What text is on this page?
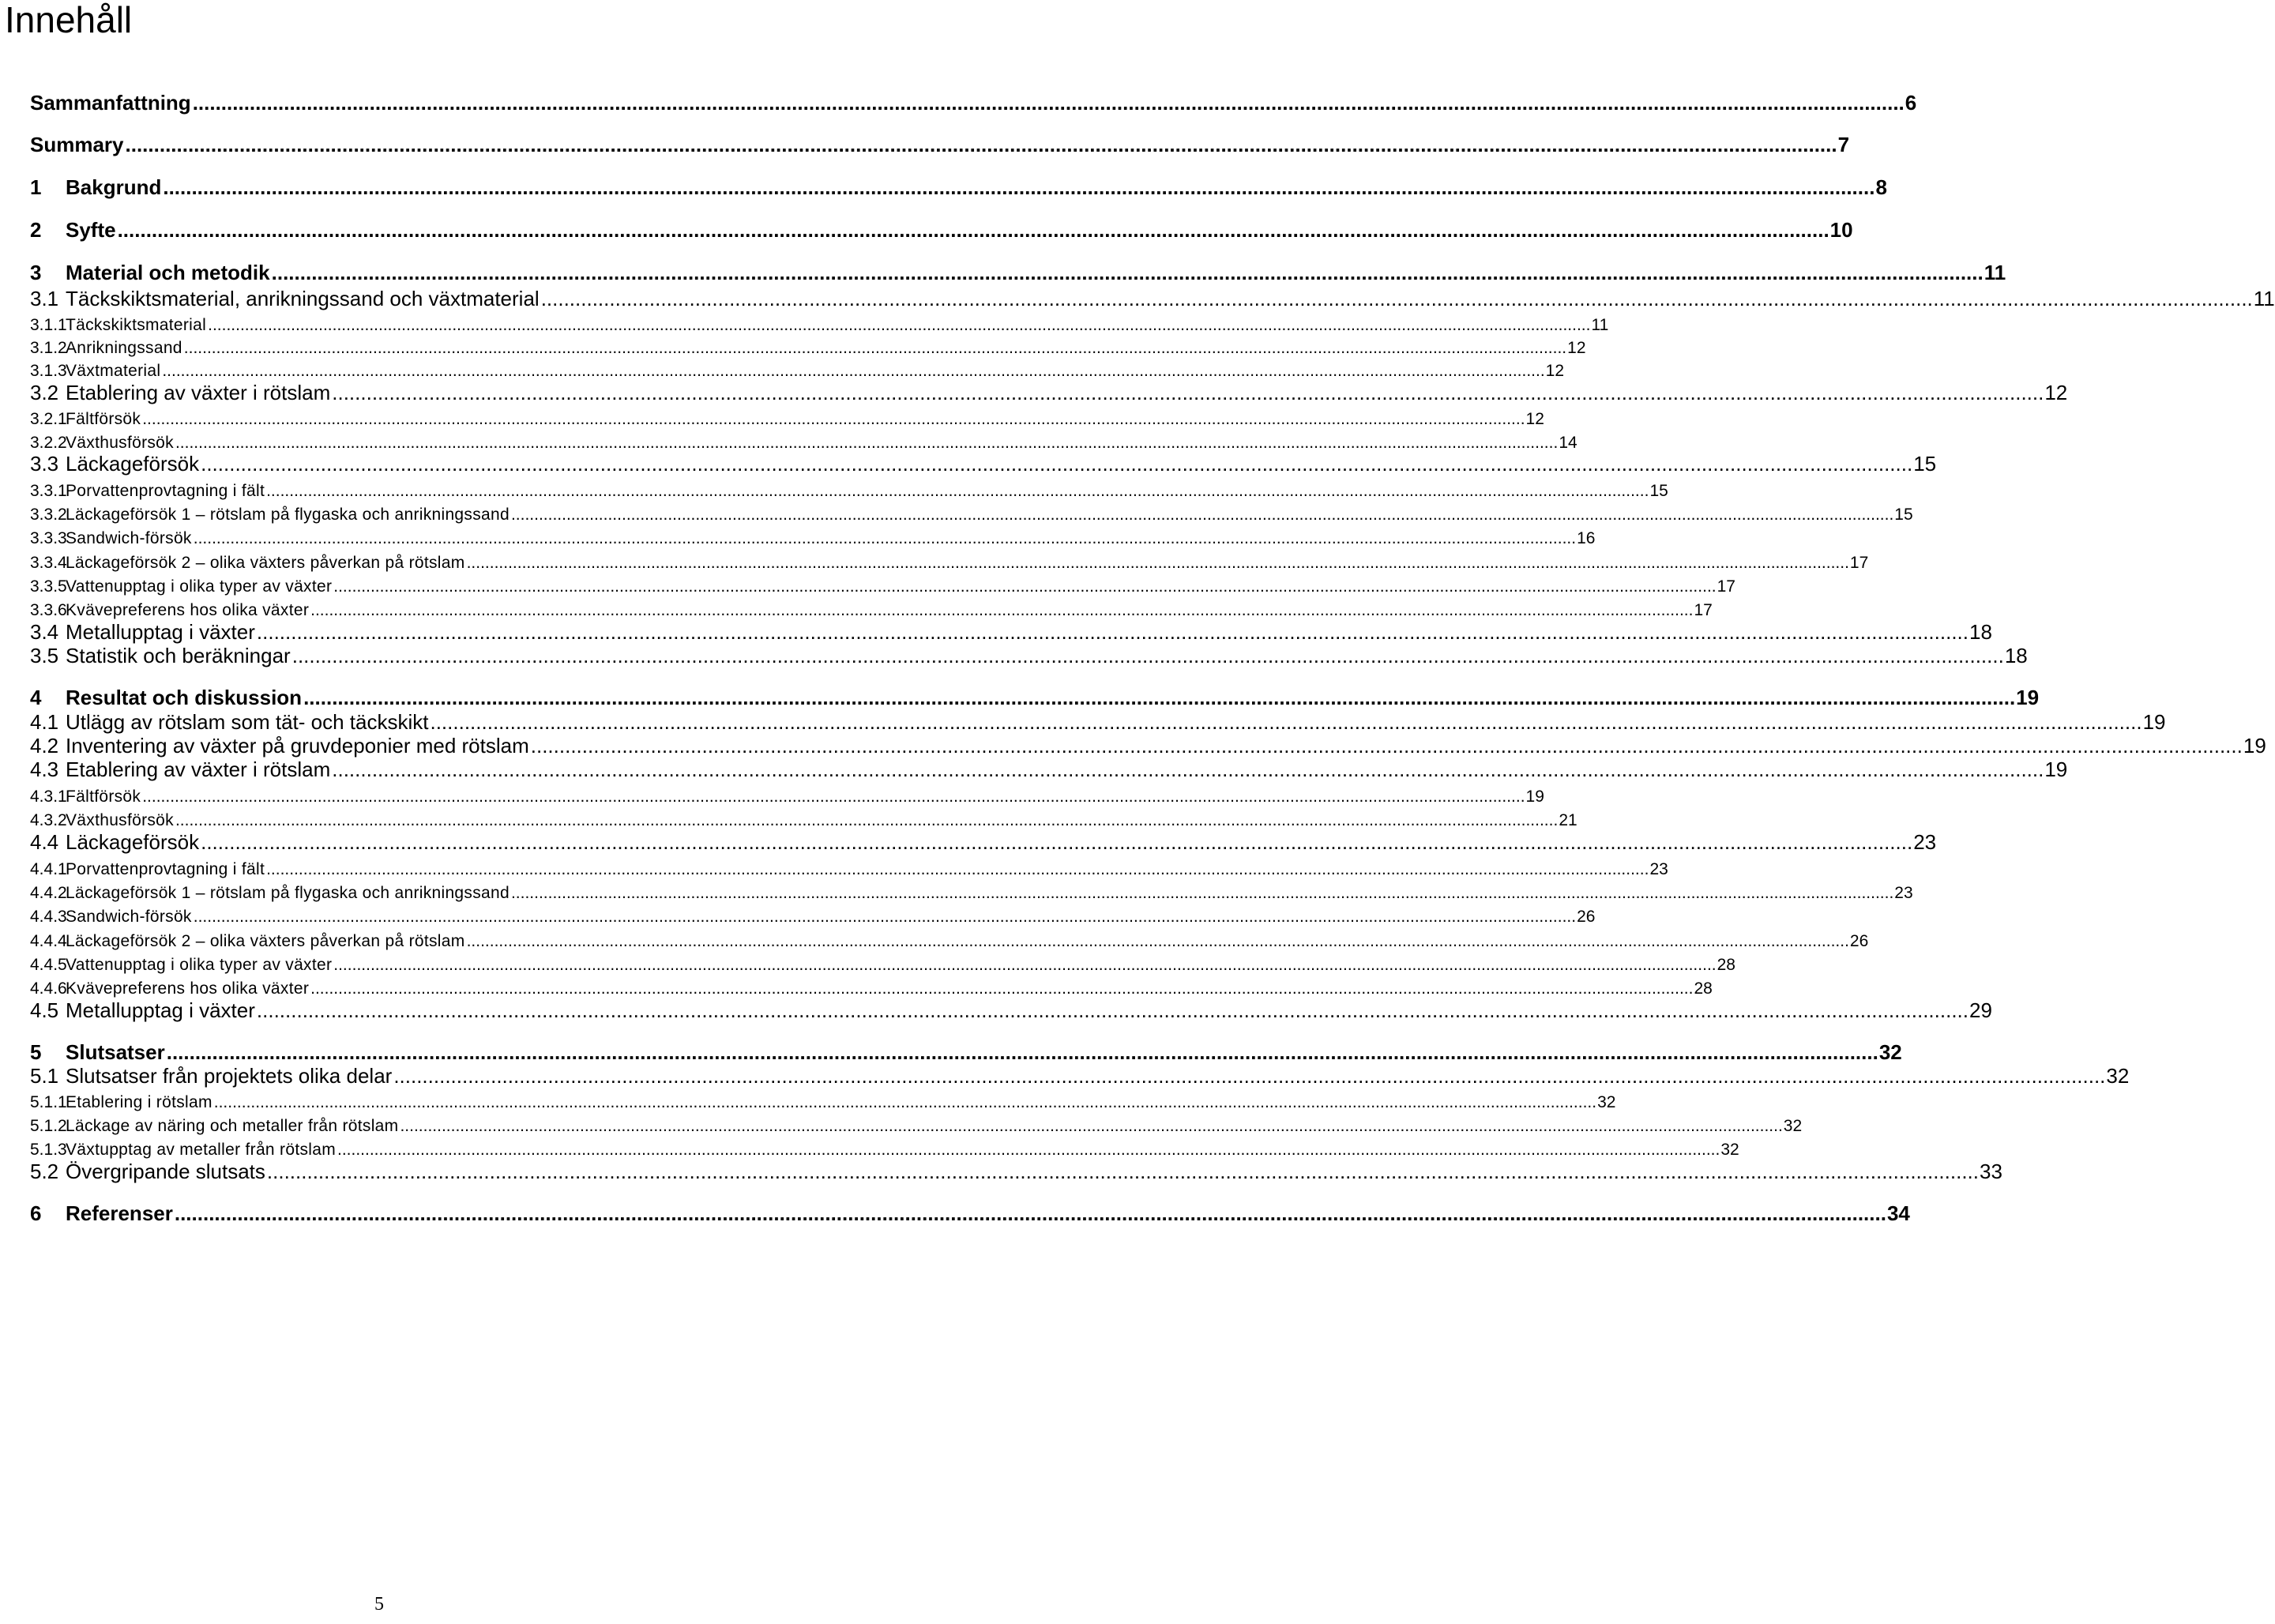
Innehåll
Sammanfattning ............................................................................................................................................................................................................................................................................................................ 6
Summary ............................................................................................................................................................................................................................................................................................................ 7
1 Bakgrund ............................................................................................................................................................................................................................................................................................................ 8
2 Syfte ............................................................................................................................................................................................................................................................................................................ 10
3 Material och metodik ............................................................................................................................................................................................................................................................................................................ 11
3.1 Täckskiktsmaterial, anrikningssand och växtmaterial ............................................................................................................................................................................................................................................................................................................ 11
3.1.1
Täckskiktsmaterial ............................................................................................................................................................................................................................................................................................................ 11
3.1.2
Anrikningssand ............................................................................................................................................................................................................................................................................................................ 12
3.1.3
Växtmaterial ............................................................................................................................................................................................................................................................................................................ 12
3.2 Etablering av växter i rötslam ............................................................................................................................................................................................................................................................................................................ 12
3.2.1
Fältförsök ............................................................................................................................................................................................................................................................................................................ 12
3.2.2
Växthusförsök ............................................................................................................................................................................................................................................................................................................ 14
3.3 Läckageförsök ............................................................................................................................................................................................................................................................................................................ 15
3.3.1
Porvattenprovtagning i fält ............................................................................................................................................................................................................................................................................................................ 15
3.3.2
Läckageförsök 1 – rötslam på flygaska och anrikningssand ............................................................................................................................................................................................................................................................................................................ 15
3.3.3
Sandwich-försök ............................................................................................................................................................................................................................................................................................................ 16
3.3.4
Läckageförsök 2 – olika växters påverkan på rötslam ............................................................................................................................................................................................................................................................................................................ 17
3.3.5
Vattenupptag i olika typer av växter ............................................................................................................................................................................................................................................................................................................ 17
3.3.6
Kvävepreferens hos olika växter ............................................................................................................................................................................................................................................................................................................ 17
3.4 Metallupptag i växter ............................................................................................................................................................................................................................................................................................................ 18
3.5 Statistik och beräkningar ............................................................................................................................................................................................................................................................................................................ 18
4 Resultat och diskussion ............................................................................................................................................................................................................................................................................................................ 19
4.1 Utlägg av rötslam som tät- och täckskikt ............................................................................................................................................................................................................................................................................................................ 19
4.2 Inventering av växter på gruvdeponier med rötslam ............................................................................................................................................................................................................................................................................................................ 19
4.3 Etablering av växter i rötslam ............................................................................................................................................................................................................................................................................................................ 19
4.3.1
Fältförsök ............................................................................................................................................................................................................................................................................................................ 19
4.3.2
Växthusförsök ............................................................................................................................................................................................................................................................................................................ 21
4.4 Läckageförsök ............................................................................................................................................................................................................................................................................................................ 23
4.4.1
Porvattenprovtagning i fält ............................................................................................................................................................................................................................................................................................................ 23
4.4.2
Läckageförsök 1 – rötslam på flygaska och anrikningssand ............................................................................................................................................................................................................................................................................................................ 23
4.4.3
Sandwich-försök ............................................................................................................................................................................................................................................................................................................ 26
4.4.4
Läckageförsök 2 – olika växters påverkan på rötslam ............................................................................................................................................................................................................................................................................................................ 26
4.4.5
Vattenupptag i olika typer av växter ............................................................................................................................................................................................................................................................................................................ 28
4.4.6
Kvävepreferens hos olika växter ............................................................................................................................................................................................................................................................................................................ 28
4.5 Metallupptag i växter ............................................................................................................................................................................................................................................................................................................ 29
5 Slutsatser ............................................................................................................................................................................................................................................................................................................ 32
5.1 Slutsatser från projektets olika delar ............................................................................................................................................................................................................................................................................................................ 32
5.1.1
Etablering i rötslam ............................................................................................................................................................................................................................................................................................................ 32
5.1.2
Läckage av näring och metaller från rötslam ............................................................................................................................................................................................................................................................................................................ 32
5.1.3
Växtupptag av metaller från rötslam ............................................................................................................................................................................................................................................................................................................ 32
5.2 Övergripande slutsats ............................................................................................................................................................................................................................................................................................................ 33
6 Referenser ............................................................................................................................................................................................................................................................................................................ 34
5
